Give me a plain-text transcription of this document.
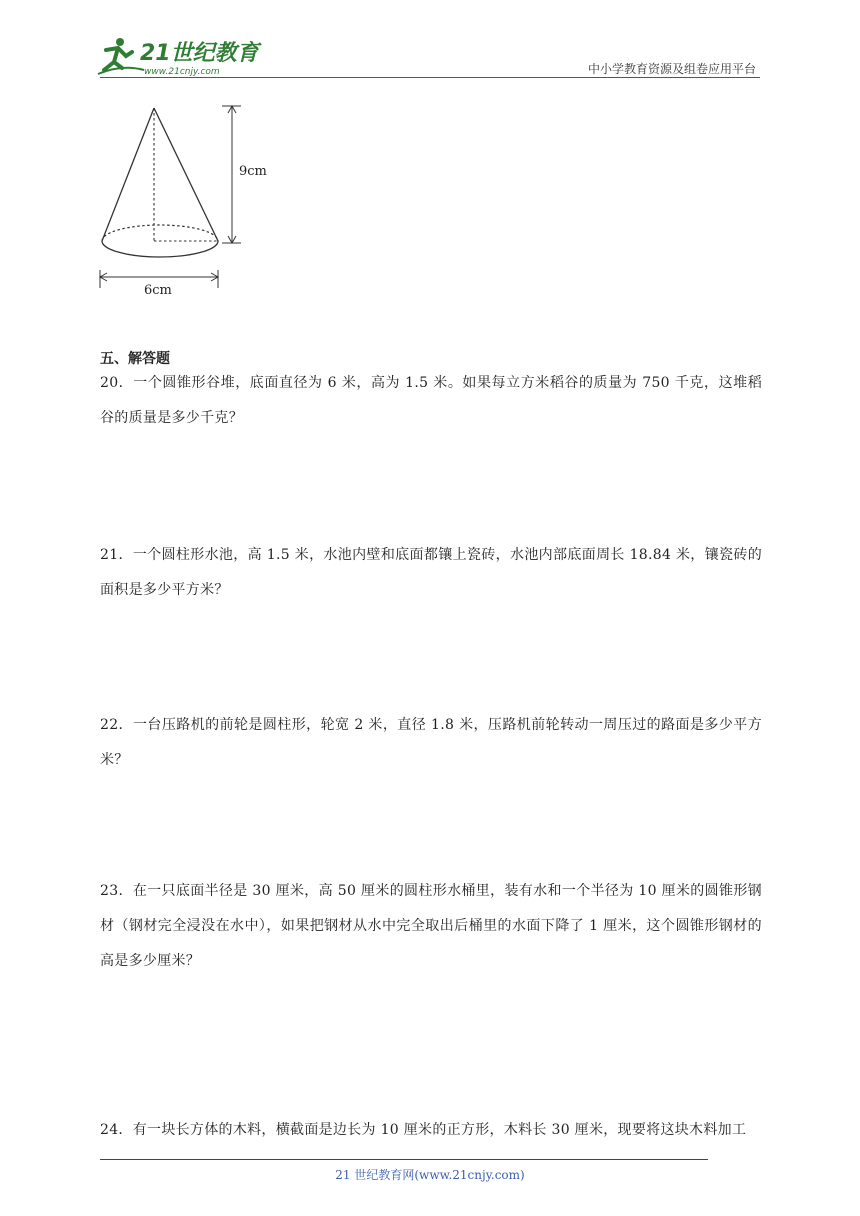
21世纪教育
www.21cnjy.com	中小学教育资源及组卷应用平台
9cm
6cm
五、解答题
20．一个圆锥形谷堆，底面直径为 6 米，高为 1.5 米。如果每立方米稻谷的质量为 750 千克，这堆稻谷的质量是多少千克？
21．一个圆柱形水池，高 1.5 米，水池内壁和底面都镶上瓷砖，水池内部底面周长 18.84 米，镶瓷砖的面积是多少平方米？
22．一台压路机的前轮是圆柱形，轮宽 2 米，直径 1.8 米，压路机前轮转动一周压过的路面是多少平方米？
23．在一只底面半径是 30 厘米，高 50 厘米的圆柱形水桶里，装有水和一个半径为 10 厘米的圆锥形钢材（钢材完全浸没在水中），如果把钢材从水中完全取出后桶里的水面下降了 1 厘米，这个圆锥形钢材的高是多少厘米？
24．有一块长方体的木料，横截面是边长为 10 厘米的正方形，木料长 30 厘米，现要将这块木料加工
21 世纪教育网(www.21cnjy.com)
